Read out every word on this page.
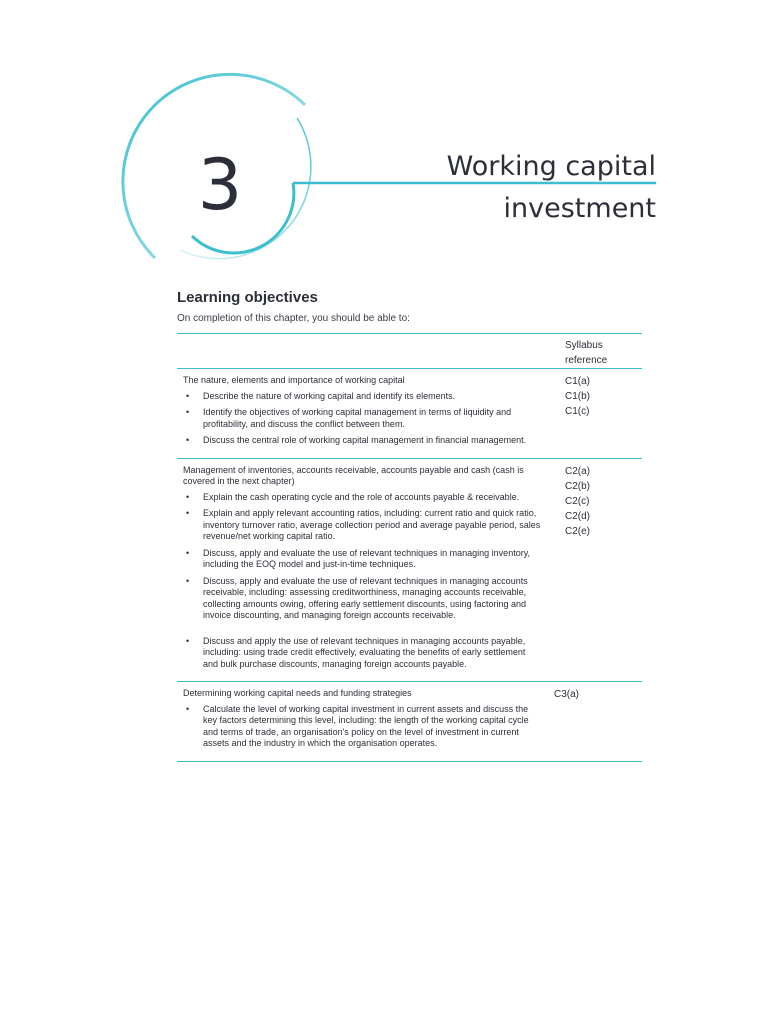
3	Working capital
investment
Learning objectives
On completion of this chapter, you should be able to:
Syllabus
reference
The nature, elements and importance of working capital
• Describe the nature of working capital and identify its elements.
• Identify the objectives of working capital management in terms of liquidity and profitability, and discuss the conflict between them.
• Discuss the central role of working capital management in financial management.
C1(a)
C1(b)
C1(c)
Management of inventories, accounts receivable, accounts payable and cash (cash is covered in the next chapter)
• Explain the cash operating cycle and the role of accounts payable & receivable.
• Explain and apply relevant accounting ratios, including: current ratio and quick ratio, inventory turnover ratio, average collection period and average payable period, sales revenue/net working capital ratio.
• Discuss, apply and evaluate the use of relevant techniques in managing inventory, including the EOQ model and just-in-time techniques.
• Discuss, apply and evaluate the use of relevant techniques in managing accounts receivable, including: assessing creditworthiness, managing accounts receivable, collecting amounts owing, offering early settlement discounts, using factoring and invoice discounting, and managing foreign accounts receivable.
• Discuss and apply the use of relevant techniques in managing accounts payable, including: using trade credit effectively, evaluating the benefits of early settlement and bulk purchase discounts, managing foreign accounts payable.
C2(a)
C2(b)
C2(c)
C2(d)
C2(e)
Determining working capital needs and funding strategies
• Calculate the level of working capital investment in current assets and discuss the key factors determining this level, including: the length of the working capital cycle and terms of trade, an organisation's policy on the level of investment in current assets and the industry in which the organisation operates.
C3(a)
